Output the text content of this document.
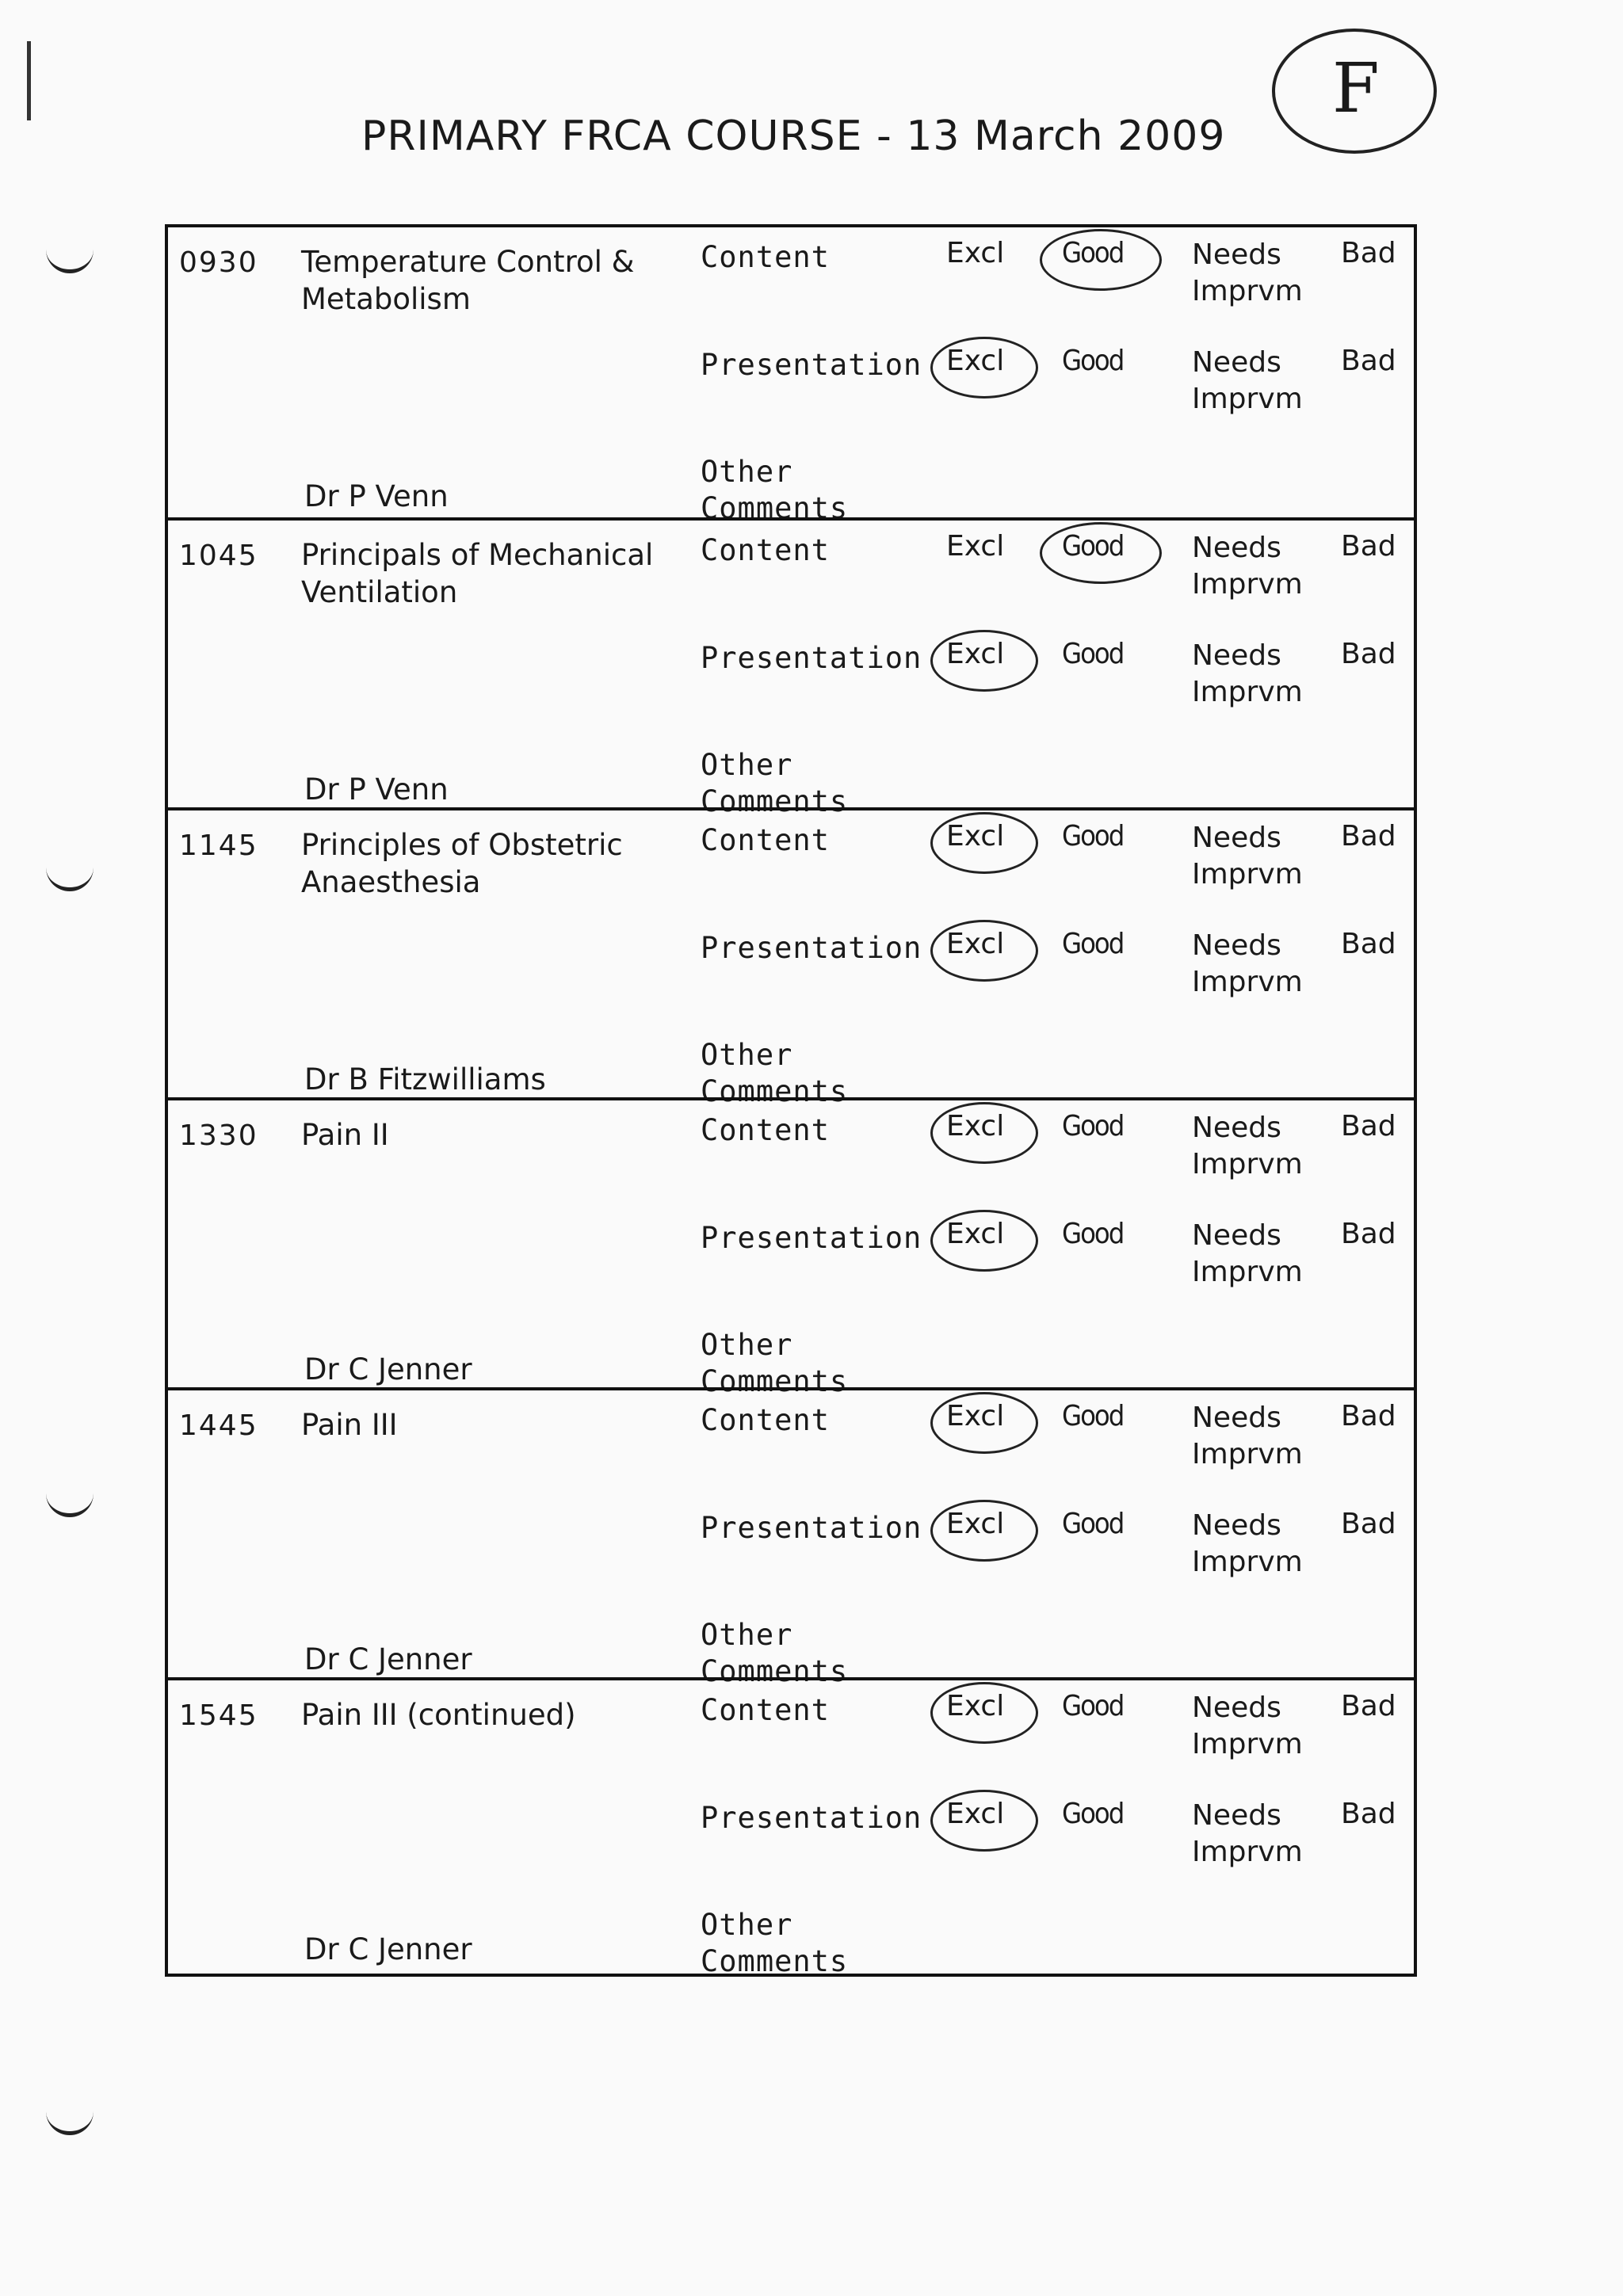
PRIMARY FRCA COURSE - 13 March 2009
F
0930 Temperature Control & Metabolism
Dr P Venn
Content
Presentation
Other
Comments
Excl Good Needs
Imprvm
Bad
Excl Good Needs
Imprvm
Bad
1045 Principals of Mechanical Ventilation
Dr P Venn
Content
Presentation
Other
Comments
Excl Good Needs
Imprvm
Bad
Excl Good Needs
Imprvm
Bad
1145 Principles of Obstetric Anaesthesia
Dr B Fitzwilliams
Content
Presentation
Other
Comments
Excl Good Needs
Imprvm
Bad
Excl Good Needs
Imprvm
Bad
1330 Pain II
Dr C Jenner
Content
Presentation
Other
Comments
Excl Good Needs
Imprvm
Bad
Excl Good Needs
Imprvm
Bad
1445 Pain III
Dr C Jenner
Content
Presentation
Other
Comments
Excl Good Needs
Imprvm
Bad
Excl Good Needs
Imprvm
Bad
1545 Pain III (continued)
Dr C Jenner
Content
Presentation
Other
Comments
Excl Good Needs
Imprvm
Bad
Excl Good Needs
Imprvm
Bad
